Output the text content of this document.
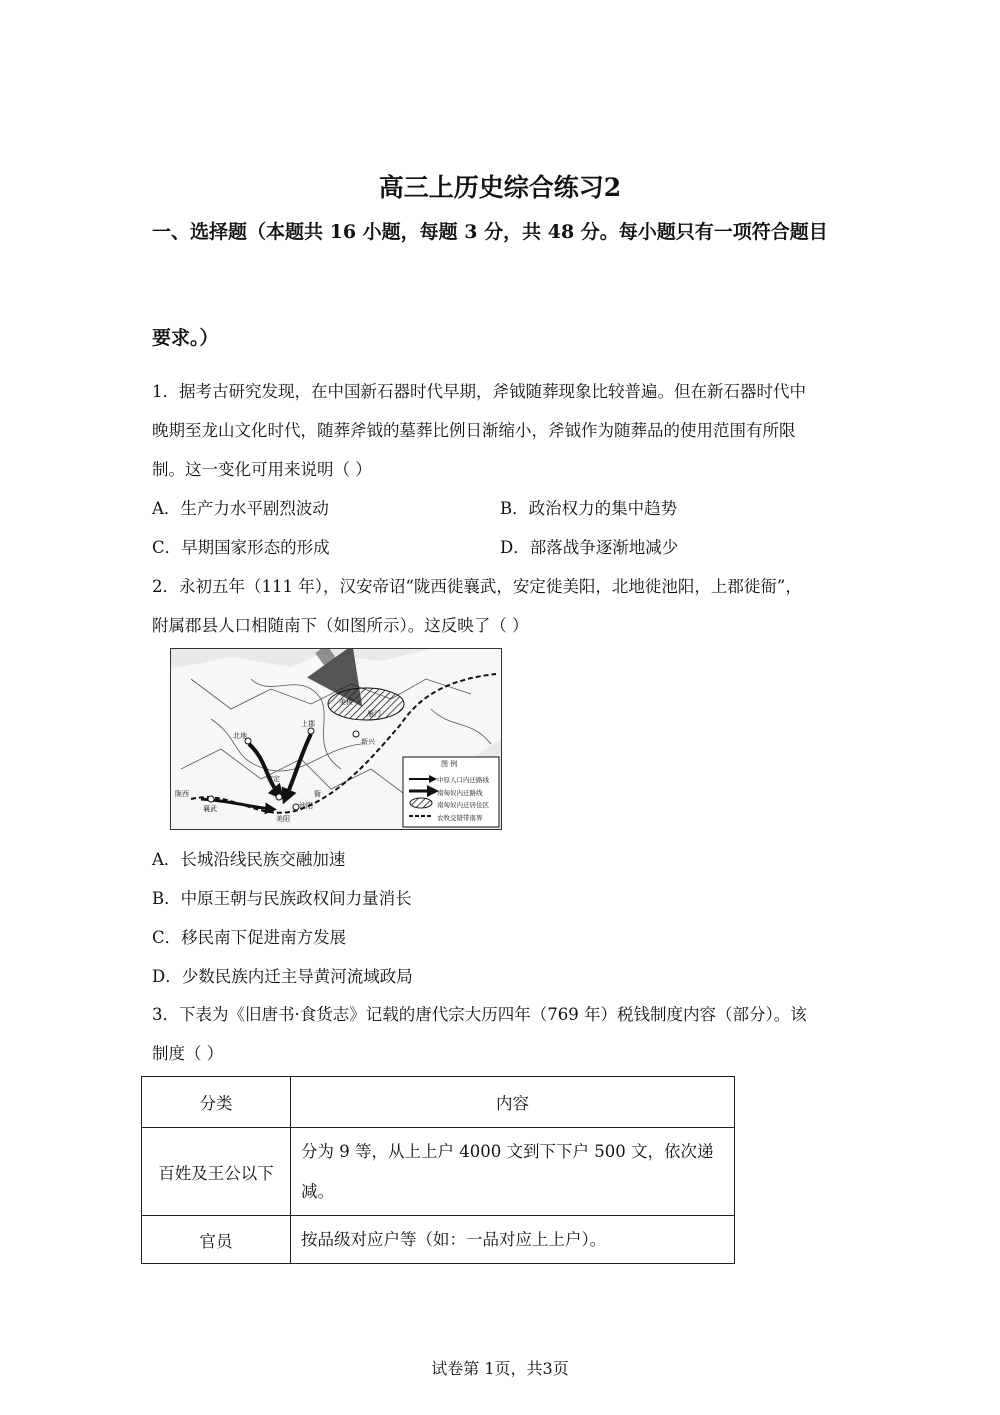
高三上历史综合练习2
一、选择题（本题共 16 小题，每题 3 分，共 48 分。每小题只有一项符合题目
要求。）
1．据考古研究发现，在中国新石器时代早期，斧钺随葬现象比较普遍。但在新石器时代中
晚期至龙山文化时代，随葬斧钺的墓葬比例日渐缩小，斧钺作为随葬品的使用范围有所限
制。这一变化可用来说明（ ）
A．生产力水平剧烈波动	B．政治权力的集中趋势
C．早期国家形态的形成	D．部落战争逐渐地减少
2．永初五年（111 年），汉安帝诏“陇西徙襄武，安定徙美阳，北地徙池阳，上郡徙衙”，
附属郡县人口相随南下（如图所示）。这反映了（ ）
图 例
中原人口内迁路线
南匈奴内迁路线
南匈奴内迁居住区
农牧交错带南界
美稷
北地
上郡
安定
陇西
襄武	池阳
美阳
衙
新兴
雁门
A．长城沿线民族交融加速
B．中原王朝与民族政权间力量消长
C．移民南下促进南方发展
D．少数民族内迁主导黄河流域政局
3．下表为《旧唐书·食货志》记载的唐代宗大历四年（769 年）税钱制度内容（部分）。该
制度（ ）
分类	内容
百姓及王公以下	分为 9 等，从上上户 4000 文到下下户 500 文，依次递
减。

官员	按品级对应户等（如：一品对应上上户）。
试卷第 1页，共3页
